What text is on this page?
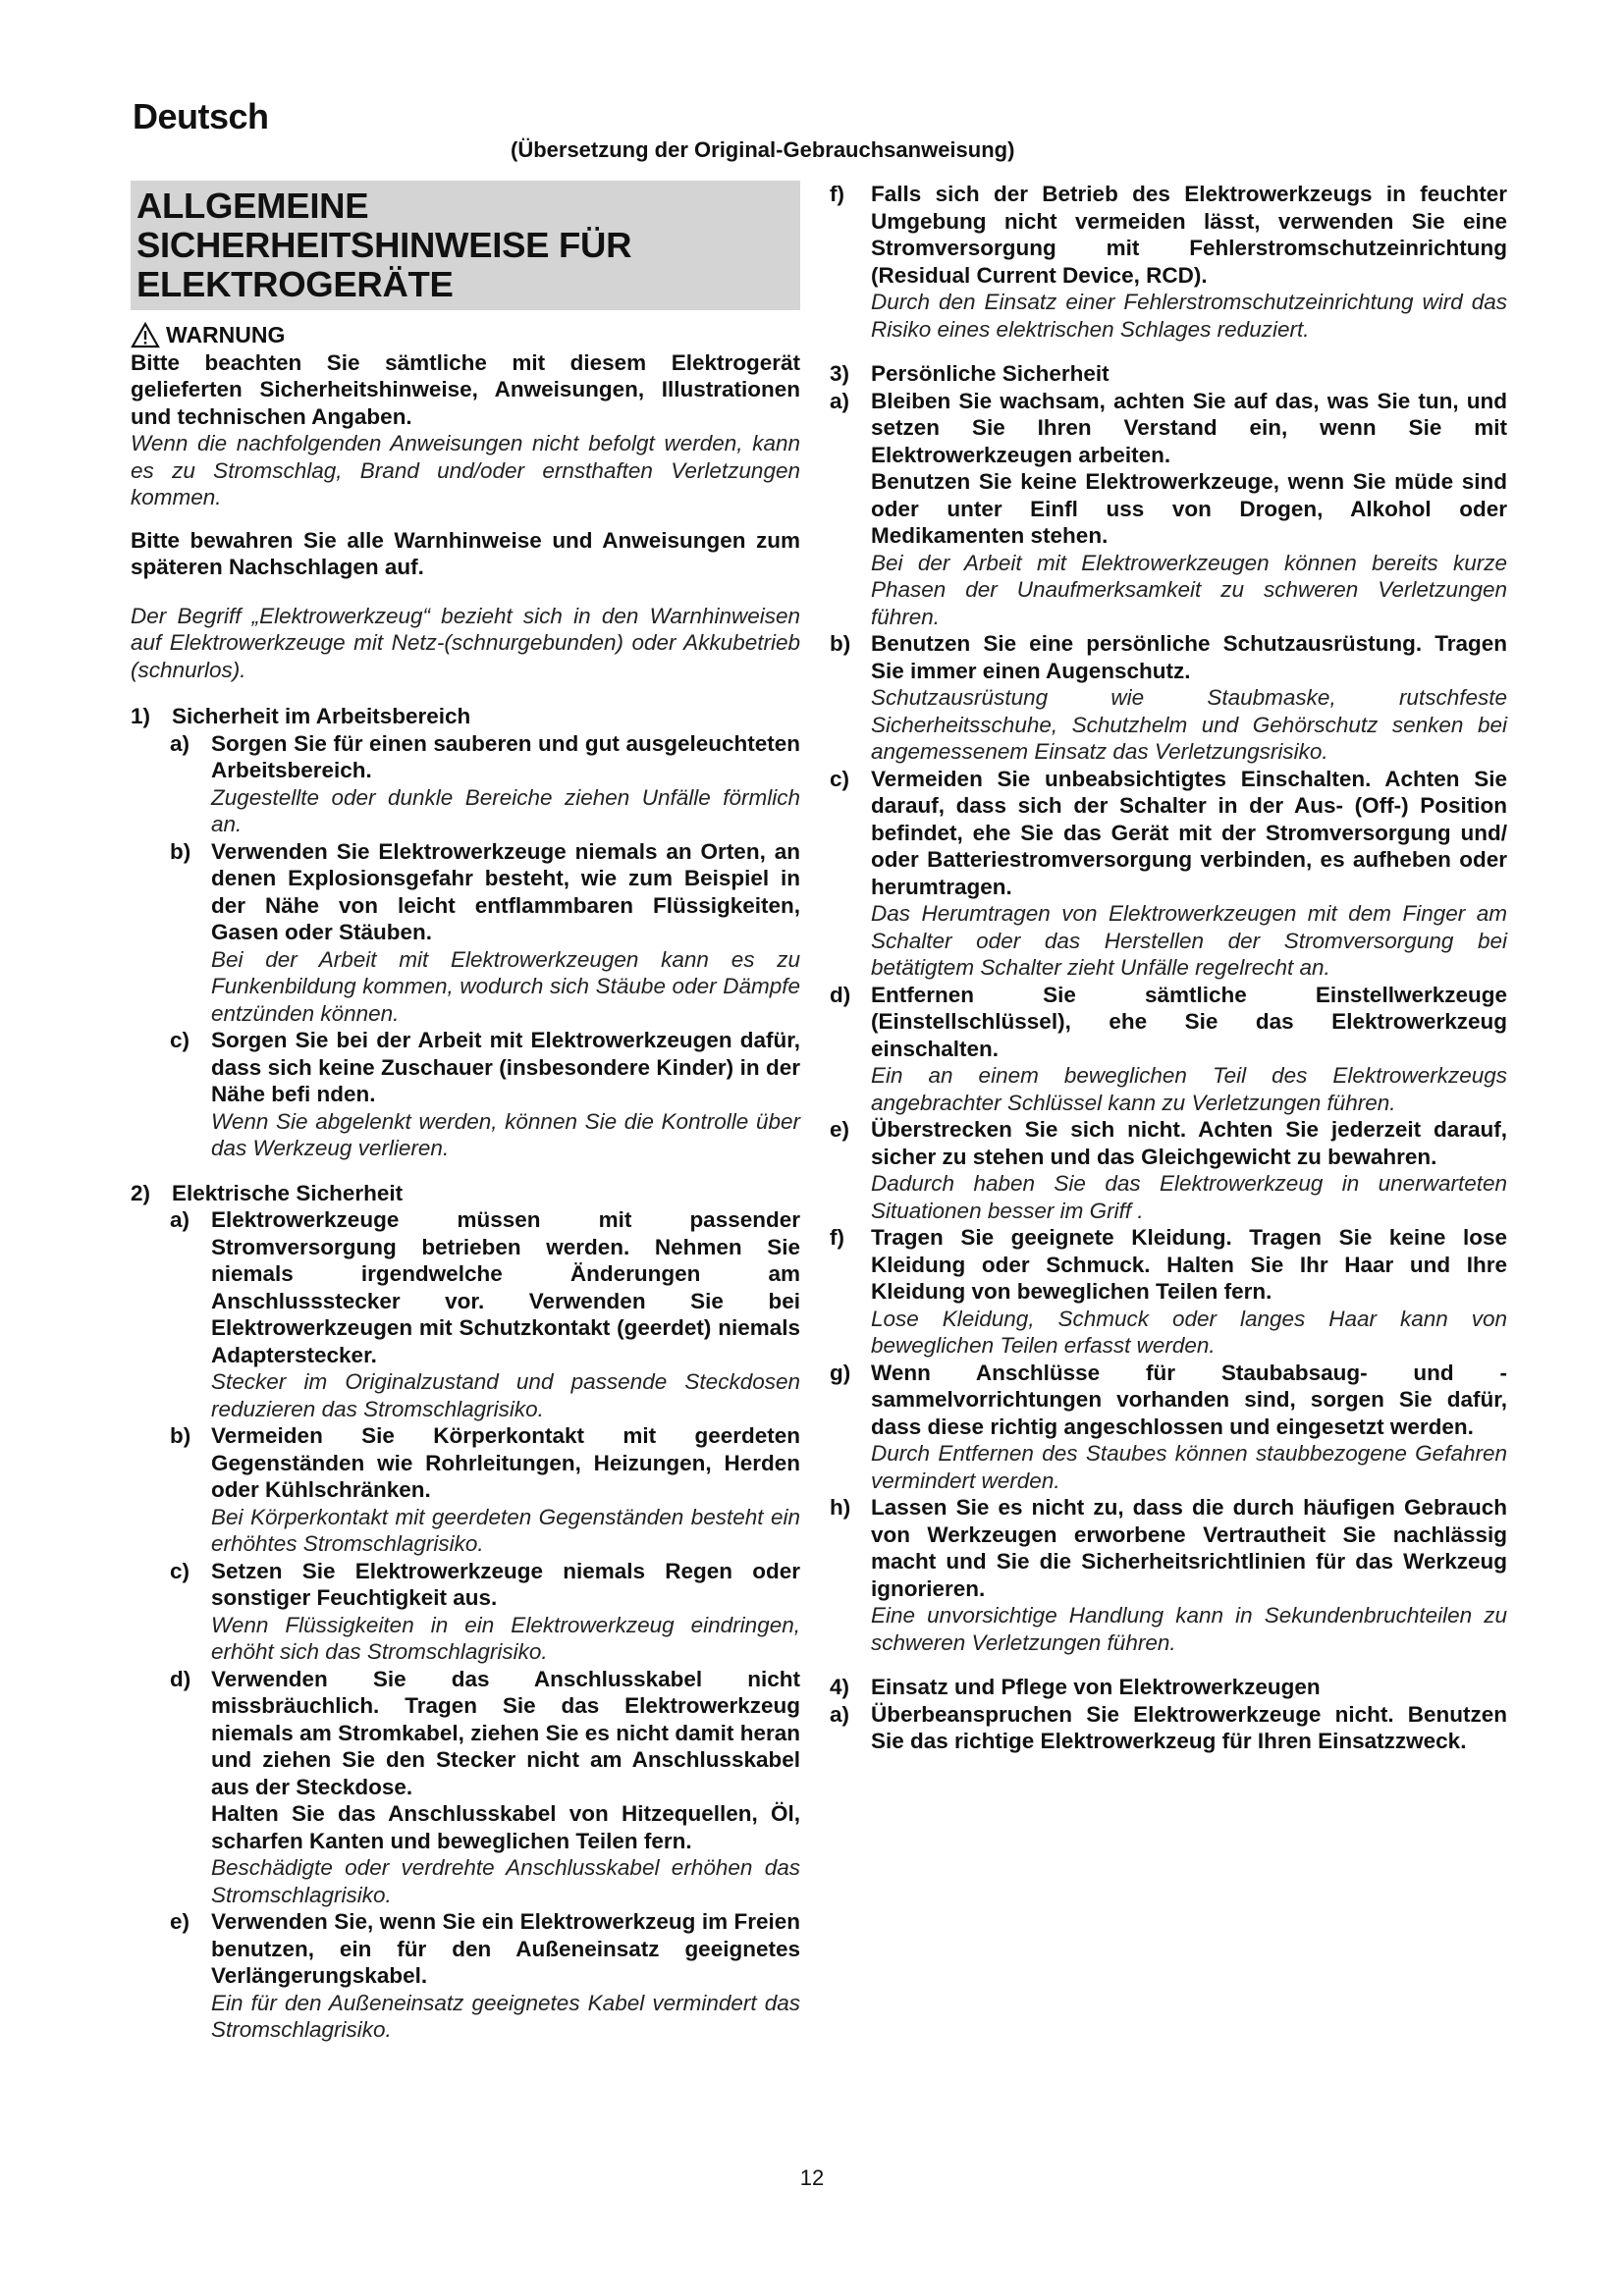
Deutsch
(Übersetzung der Original-Gebrauchsanweisung)
ALLGEMEINE
SICHERHEITSHINWEISE FÜR
ELEKTROGERÄTE
WARNUNG

Bitte beachten Sie sämtliche mit diesem Elektrogerät gelieferten Sicherheitshinweise, Anweisungen, Illustrationen und technischen Angaben.

Wenn die nachfolgenden Anweisungen nicht befolgt werden, kann es zu Stromschlag, Brand und/oder ernsthaften Verletzungen kommen.

Bitte bewahren Sie alle Warnhinweise und Anweisungen zum späteren Nachschlagen auf.

Der Begriff „Elektrowerkzeug“ bezieht sich in den Warnhinweisen auf Elektrowerkzeuge mit Netz-(schnurgebunden) oder Akkubetrieb (schnurlos).

1) Sicherheit im Arbeitsbereich
a) Sorgen Sie für einen sauberen und gut ausgeleuchteten Arbeitsbereich.

Zugestellte oder dunkle Bereiche ziehen Unfälle förmlich an.

b) Verwenden Sie Elektrowerkzeuge niemals an Orten, an denen Explosionsgefahr besteht, wie zum Beispiel in der Nähe von leicht entflammbaren Flüssigkeiten, Gasen oder Stäuben.

Bei der Arbeit mit Elektrowerkzeugen kann es zu Funkenbildung kommen, wodurch sich Stäube oder Dämpfe entzünden können.

c) Sorgen Sie bei der Arbeit mit Elektrowerkzeugen dafür, dass sich keine Zuschauer (insbesondere Kinder) in der Nähe befi nden.

Wenn Sie abgelenkt werden, können Sie die Kontrolle über das Werkzeug verlieren.

2) Elektrische Sicherheit
a) Elektrowerkzeuge müssen mit passender Stromversorgung betrieben werden. Nehmen Sie niemals irgendwelche Änderungen am Anschlussstecker vor. Verwenden Sie bei Elektrowerkzeugen mit Schutzkontakt (geerdet) niemals Adapterstecker.

Stecker im Originalzustand und passende Steckdosen reduzieren das Stromschlagrisiko.

b) Vermeiden Sie Körperkontakt mit geerdeten Gegenständen wie Rohrleitungen, Heizungen, Herden oder Kühlschränken.

Bei Körperkontakt mit geerdeten Gegenständen besteht ein erhöhtes Stromschlagrisiko.

c) Setzen Sie Elektrowerkzeuge niemals Regen oder sonstiger Feuchtigkeit aus.

Wenn Flüssigkeiten in ein Elektrowerkzeug eindringen, erhöht sich das Stromschlagrisiko.

d) Verwenden Sie das Anschlusskabel nicht missbräuchlich. Tragen Sie das Elektrowerkzeug niemals am Stromkabel, ziehen Sie es nicht damit heran und ziehen Sie den Stecker nicht am Anschlusskabel aus der Steckdose.

Halten Sie das Anschlusskabel von Hitzequellen, Öl, scharfen Kanten und beweglichen Teilen fern.

Beschädigte oder verdrehte Anschlusskabel erhöhen das Stromschlagrisiko.

e) Verwenden Sie, wenn Sie ein Elektrowerkzeug im Freien benutzen, ein für den Außeneinsatz geeignetes Verlängerungskabel.

Ein für den Außeneinsatz geeignetes Kabel vermindert das Stromschlagrisiko.

f)	Falls sich der Betrieb des Elektrowerkzeugs in feuchter Umgebung nicht vermeiden lässt, verwenden Sie eine Stromversorgung mit Fehlerstromschutzeinrichtung (Residual Current Device, RCD).

Durch den Einsatz einer Fehlerstromschutzeinrichtung wird das Risiko eines elektrischen Schlages reduziert.

3) Persönliche Sicherheit
a) Bleiben Sie wachsam, achten Sie auf das, was Sie tun, und setzen Sie Ihren Verstand ein, wenn Sie mit Elektrowerkzeugen arbeiten.

Benutzen Sie keine Elektrowerkzeuge, wenn Sie müde sind oder unter Einfl uss von Drogen, Alkohol oder Medikamenten stehen.

Bei der Arbeit mit Elektrowerkzeugen können bereits kurze Phasen der Unaufmerksamkeit zu schweren Verletzungen führen.

b) Benutzen Sie eine persönliche Schutzausrüstung. Tragen Sie immer einen Augenschutz.

Schutzausrüstung wie Staubmaske, rutschfeste Sicherheitsschuhe, Schutzhelm und Gehörschutz senken bei angemessenem Einsatz das Verletzungsrisiko.

c) Vermeiden Sie unbeabsichtigtes Einschalten. Achten Sie darauf, dass sich der Schalter in der Aus- (Off-) Position befindet, ehe Sie das Gerät mit der Stromversorgung und/ oder Batteriestromversorgung verbinden, es aufheben oder herumtragen.

Das Herumtragen von Elektrowerkzeugen mit dem Finger am Schalter oder das Herstellen der Stromversorgung bei betätigtem Schalter zieht Unfälle regelrecht an.

d) Entfernen Sie sämtliche Einstellwerkzeuge (Einstellschlüssel), ehe Sie das Elektrowerkzeug einschalten.

Ein an einem beweglichen Teil des Elektrowerkzeugs angebrachter Schlüssel kann zu Verletzungen führen.

e) Überstrecken Sie sich nicht. Achten Sie jederzeit darauf, sicher zu stehen und das Gleichgewicht zu bewahren.

Dadurch haben Sie das Elektrowerkzeug in unerwarteten Situationen besser im Griff .

f)	Tragen Sie geeignete Kleidung. Tragen Sie keine lose Kleidung oder Schmuck. Halten Sie Ihr Haar und Ihre Kleidung von beweglichen Teilen fern.

Lose Kleidung, Schmuck oder langes Haar kann von beweglichen Teilen erfasst werden.

g) Wenn Anschlüsse für Staubabsaug- und -sammelvorrichtungen vorhanden sind, sorgen Sie dafür, dass diese richtig angeschlossen und eingesetzt werden.

Durch Entfernen des Staubes können staubbezogene Gefahren vermindert werden.

h) Lassen Sie es nicht zu, dass die durch häufigen Gebrauch von Werkzeugen erworbene Vertrautheit Sie nachlässig macht und Sie die Sicherheitsrichtlinien für das Werkzeug ignorieren.

Eine unvorsichtige Handlung kann in Sekundenbruchteilen zu schweren Verletzungen führen.

4) Einsatz und Pflege von Elektrowerkzeugen
a) Überbeanspruchen Sie Elektrowerkzeuge nicht. Benutzen Sie das richtige Elektrowerkzeug für Ihren Einsatzzweck.

12
